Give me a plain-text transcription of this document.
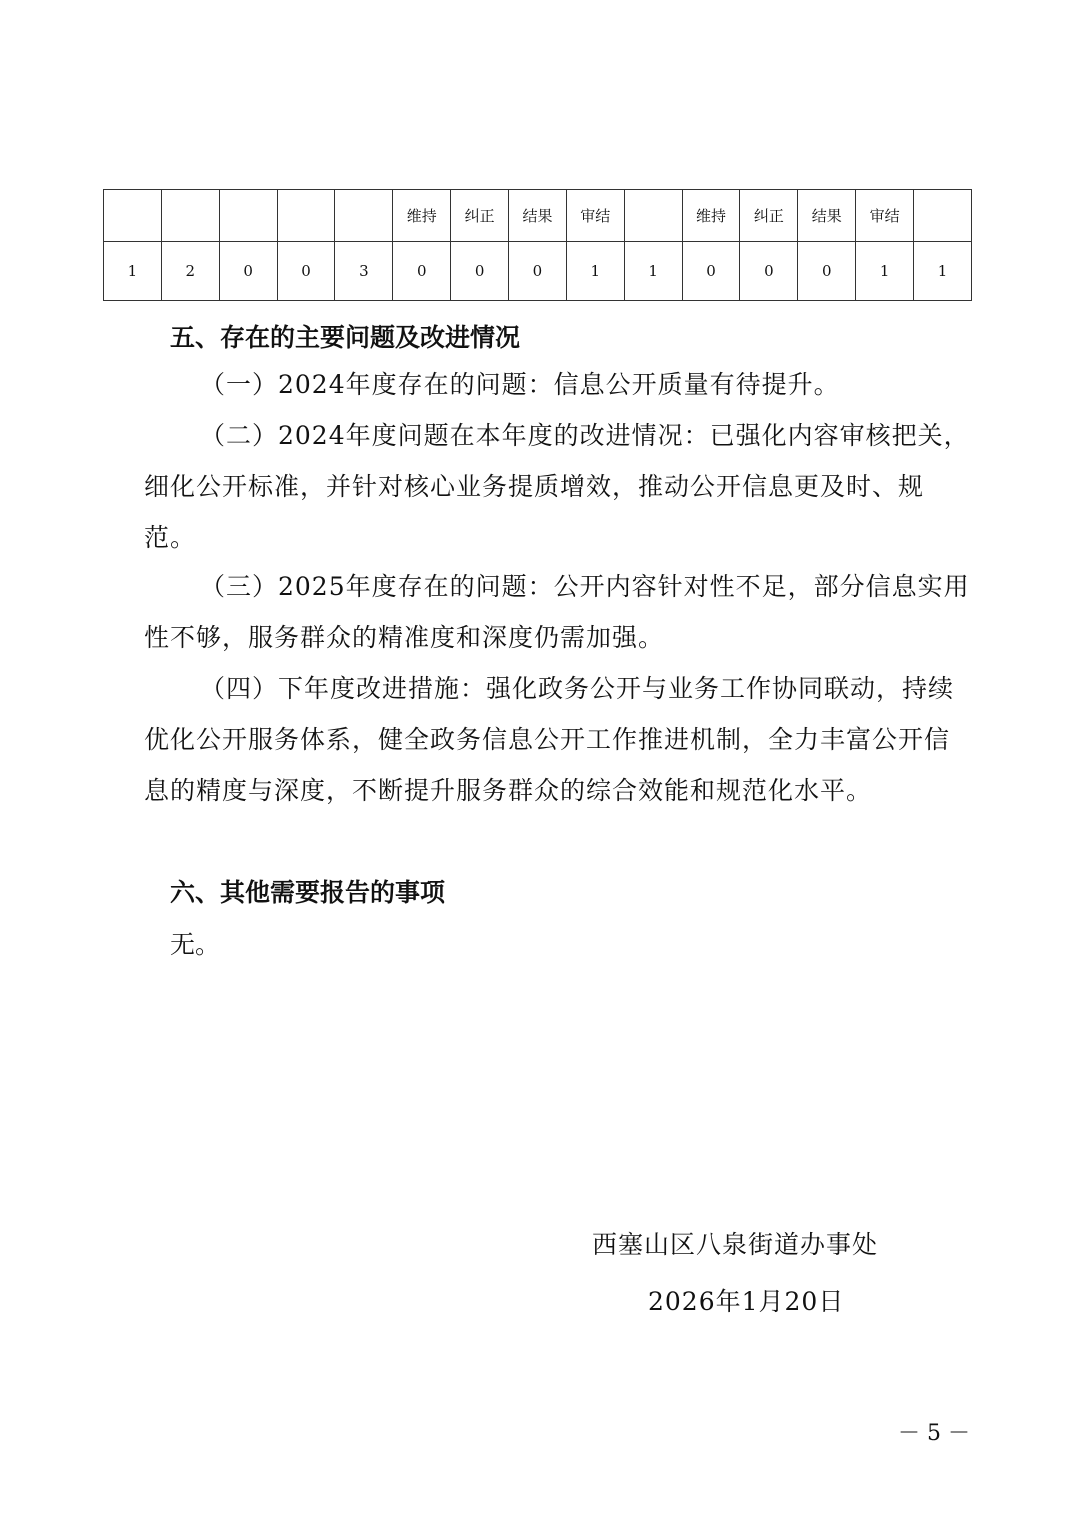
					维持	纠正	结果	审结		维持	纠正	结果	审结	
1	2	0	0	3	0	0	0	1	1	0	0	0	1	1
五、存在的主要问题及改进情况
（一）2024年度存在的问题：信息公开质量有待提升。
（二）2024年度问题在本年度的改进情况：已强化内容审核把关，细化公开标准，并针对核心业务提质增效，推动公开信息更及时、规范。
（三）2025年度存在的问题：公开内容针对性不足，部分信息实用性不够，服务群众的精准度和深度仍需加强。
（四）下年度改进措施：强化政务公开与业务工作协同联动，持续优化公开服务体系，健全政务信息公开工作推进机制，全力丰富公开信息的精度与深度，不断提升服务群众的综合效能和规范化水平。
六、其他需要报告的事项
无。
西塞山区八泉街道办事处
2026年1月20日
－ 5 －
